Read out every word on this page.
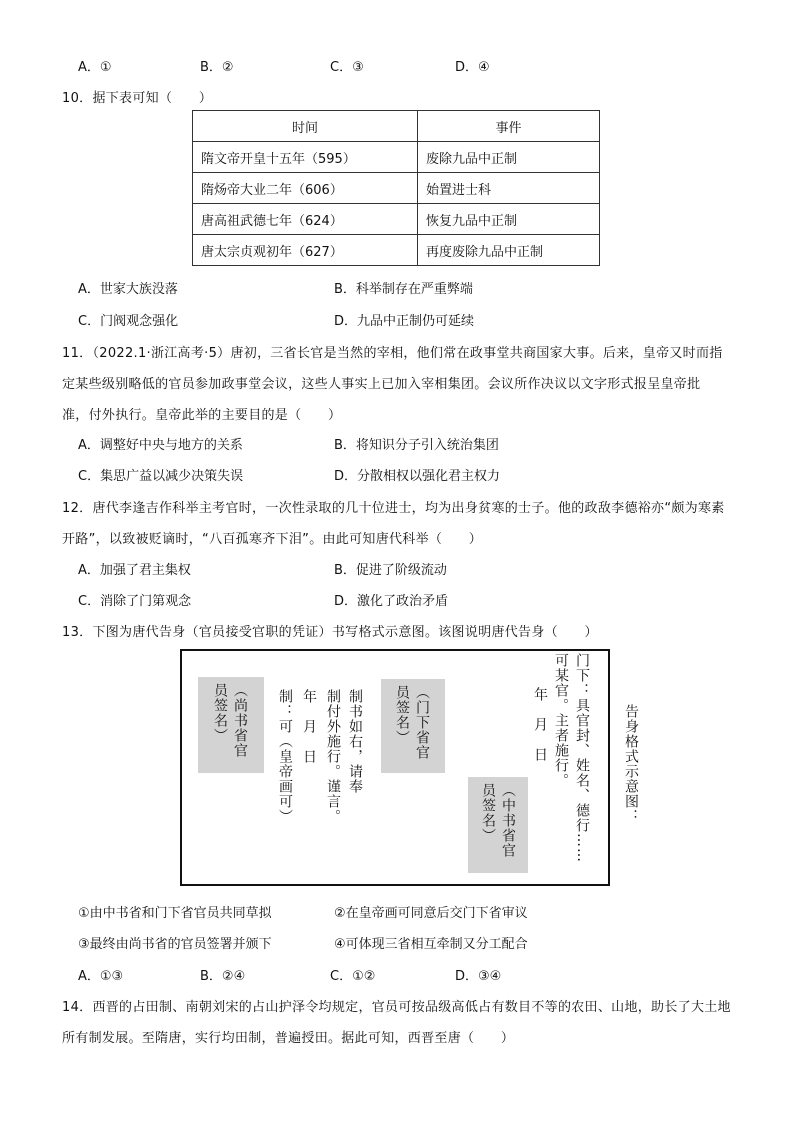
A．①	B．②	C．③	D．④
10．据下表可知（　　）
时间	事件
隋文帝开皇十五年（595）	废除九品中正制
隋炀帝大业二年（606）	始置进士科
唐高祖武德七年（624）	恢复九品中正制
唐太宗贞观初年（627）	再度废除九品中正制
A．世家大族没落	B．科举制存在严重弊端
C．门阀观念强化	D．九品中正制仍可延续
11．（2022.1·浙江高考·5）唐初，三省长官是当然的宰相，他们常在政事堂共商国家大事。后来，皇帝又时而指
定某些级别略低的官员参加政事堂会议，这些人事实上已加入宰相集团。会议所作决议以文字形式报呈皇帝批
准，付外执行。皇帝此举的主要目的是（　　）
A．调整好中央与地方的关系	B．将知识分子引入统治集团
C．集思广益以减少决策失误	D．分散相权以强化君主权力
12．唐代李逢吉作科举主考官时，一次性录取的几十位进士，均为出身贫寒的士子。他的政敌李德裕亦“颇为寒素
开路”，以致被贬谪时，“八百孤寒齐下泪”。由此可知唐代科举（　　）
A．加强了君主集权	B．促进了阶级流动
C．消除了门第观念	D．激化了政治矛盾
13．下图为唐代告身（官员接受官职的凭证）书写格式示意图。该图说明唐代告身（　　）
门下：具官封、姓名、德行……
可某官。主者施行。
年　月　日
（中书省官员签名）
制书如右，请奉
制付外施行。谨言。	（门下省官员签名）
年　月　日
制：可（皇帝画可）
（尚书省官员签名）	告身格式示意图：
①由中书省和门下省官员共同草拟	②在皇帝画可同意后交门下省审议
③最终由尚书省的官员签署并颁下	④可体现三省相互牵制又分工配合
A．①③	B．②④	C．①②	D．③④
14．西晋的占田制、南朝刘宋的占山护泽令均规定，官员可按品级高低占有数目不等的农田、山地，助长了大土地
所有制发展。至隋唐，实行均田制，普遍授田。据此可知，西晋至唐（　　）
